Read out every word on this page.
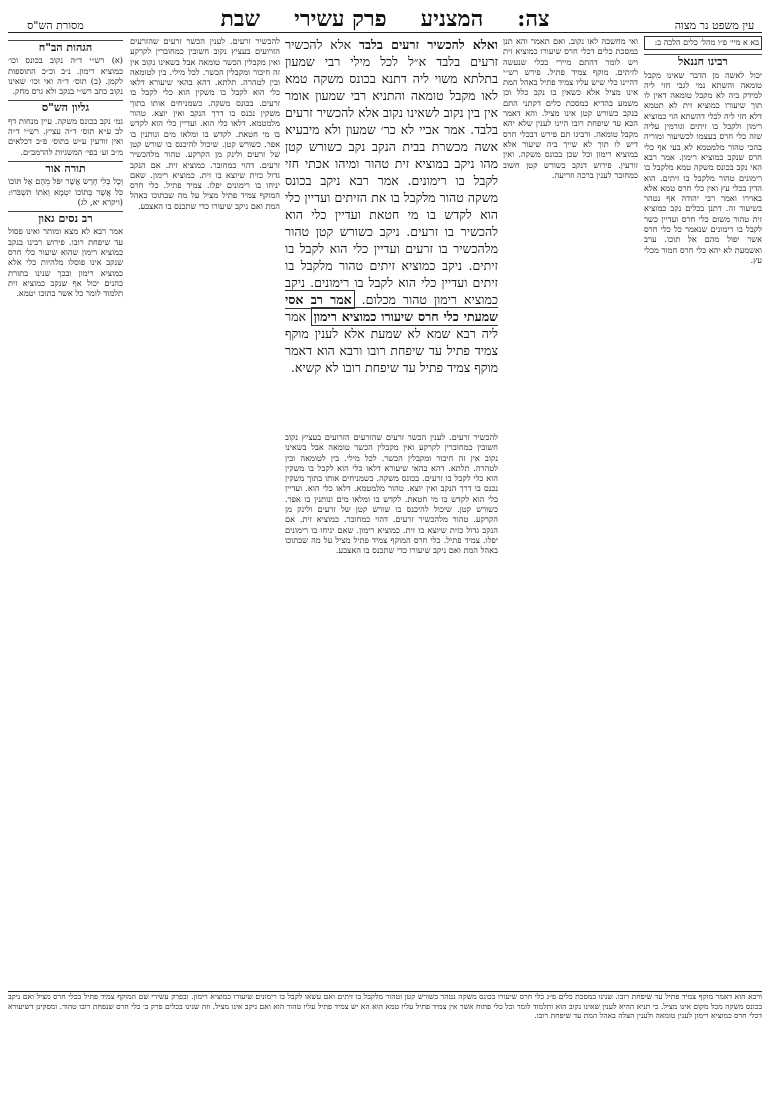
עין משפט נר מצוה
צה:
המצניע
פרק עשירי
שבת
מסורת הש"ס
בא א מיי׳ פ״ו מהל׳ כלים הלכה ב:
רבינו חננאל
יכול לאשה מן הדבר שאינו מקבל טומאה והשתא נמי לגבי חזי ליה למידק ביה לא מקבל טומאה דאין לו תוך שיעורו כמוציא זית לא תטמא דלא חזי ליה לכלי דהשתא הוי כמוציא רימון ולקבל בו זיתים וגורמין עליה שזה כלי חרס בעצמו לכשיעור ומוריה בהכי טהור מלמטמא לא בעי אף כלי חרס שנקב כמוציא רימון. אמר רבא האי נקב בכונס משקה טמא מלקבל בו רימונים טהור מלקבל בו זיתים. הוא הדין בכלי עץ ואין כלי חרס טמא אלא באוירו ואמר רבי יהודה אף נטהר בשיעור זה. דתנן בכלים נקב כמוציא זית טהור משום כלי חרס ועדיין כשר לקבל בו רימונים שנאמר כל כלי חרס אשר יפול מהם אל תוכו. ערב ואשמעת לא יהא כלי חרס חמור מכלי עץ.
הגהות הב"ח
(א) רש״י ד״ה נקוב בכונס וכו׳ כמוציא רימון. נ״ב וכ״כ התוספות לקמן. (ב) תוס׳ ד״ה ואי וכו׳ שאינו נקוב כתב רש״י בנקב ולא גרס מחק.
גליון הש"ס
גמ׳ נקב בכונס משקה. עיין מנחות דף לב ע״א תוס׳ ד״ה עציץ. רש״י ד״ה ואין זורעין ע״ש בתוס׳ פ״ב דכלאים מ״ב וע׳ בפי׳ המשניות להרמב״ם.
תורה אור
וְכָל כְּלִי חֶרֶשׂ אֲשֶׁר יִפֹּל מֵהֶם אֶל תּוֹכוֹ כֹּל אֲשֶׁר בְּתוֹכוֹ יִטְמָא וְאֹתוֹ תִשְׁבֹּרוּ: (ויקרא יא, לג)
רב נסים גאון
אמר רבא לא מצא ומותר ואינו פסול עד שיפחת רובו. פירוש רבינו בנקב כמוציא רימון שהוא שיעור כלי חרס שנקב אינו פוסלו מלהיות כלי אלא כמוציא רימון ובכך שנינו בתורת כהנים יכול אף שנקב כמוציא זית תלמוד לומר כל אשר בתוכו יטמא.
ואי מחשבה לאו נקוב. ואם תאמר והא תנן במסכת כלים דכלי חרס שיעורו כמוציא זית ויש לומר דהתם מיירי בכלי שנעשה לזיתים. מוקף צמיד פתיל. פירש רש״י דהיינו כלי שיש עליו צמיד פתיל באהל המת אינו מציל אלא כשאין בו נקב כלל וכן משמע בהדיא במסכת כלים דקתני התם בנקב כשורש קטן אינו מציל. והא דאמר הכא עד שיפחת רובו היינו לענין שלא יהא מקבל טומאה. ורבינו תם פירש דבכלי חרס דיש לו תוך לא שייך ביה שיעור אלא במוציא רימון וכל שכן בכונס משקה. ואין זורעין. פירוש דנקב כשורש קטן חשוב כמחובר לענין ברכה וזריעה.
ואלא להכשיר זרעים בלבד אלא להכשיר זרעים בלבד א״ל לכל מילי רבי שמעון בתלתא משוי ליה דתנא בכונס משקה טמא לאו מקבל טומאה והתניא רבי שמעון אומר אין בין נקוב לשאינו נקוב אלא להכשיר זרעים בלבד. אמר אביי לא כר׳ שמעון ולא מיבעיא אשה מכשרת בבית הנקב נקב כשורש קטן מהו ניקב במוציא זית טהור ומיהו אכתי חזי לקבל בו רימונים. אמר רבא ניקב בכונס משקה טהור מלקבל בו את הזיתים ועדיין כלי הוא לקדש בו מי חטאת ועדיין כלי הוא להכשיר בו זרעים. ניקב כשורש קטן טהור מלהכשיר בו זרעים ועדיין כלי הוא לקבל בו זיתים. ניקב כמוציא זיתים טהור מלקבל בו זיתים ועדיין כלי הוא לקבל בו רימונים. ניקב כמוציא רימון טהור מכלום. אמר רב אסי שמעתי כלי חרס שיעורו כמוציא רימון אמר ליה רבא שמא לא שמעת אלא לענין מוקף צמיד פתיל עד שיפחת רובו ורבא הוא דאמר מוקף צמיד פתיל עד שיפחת רובו לא קשיא.
להכשיר זרעים. לענין הכשר זרעים שהזרעים הזרועים בעציץ נקוב חשובין כמחוברין לקרקע ואין מקבלין הכשר טומאה אבל בשאינו נקוב אין זה חיבור ומקבלין הכשר. לכל מילי. בין לטומאה ובין לטהרה. תלתא. דהא בהאי שיעורא דלאו כלי הוא לקבל בו משקין הוא כלי לקבל בו זרעים. בכונס משקה. כשמניחים אותו בתוך משקין נכנס בו דרך הנקב ואין יוצא. טהור מלמטמא. דלאו כלי הוא. ועדיין כלי הוא לקדש בו מי חטאת. לקדש בו ומלאו מים ונותנין בו אפר. כשורש קטן. שיכול להיכנס בו שורש קטן של זרעים ולינק מן הקרקע. טהור מלהכשיר זרעים. דהוי כמחובר. כמוציא זית. אם הנקב גדול כזית שיוצא בו זית. כמוציא רימון. שאם יניחו בו רימונים יפלו. צמיד פתיל. כלי חרס המוקף צמיד פתיל מציל על מה שבתוכו באהל המת ואם ניקב שיעורו כדי שתכנס בו האצבע.
להכשיר זרעים. לענין הכשר זרעים שהזרעים הזרועים בעציץ נקוב חשובין כמחוברין לקרקע ואין מקבלין הכשר טומאה אבל בשאינו נקוב אין זה חיבור ומקבלין הכשר. לכל מילי. בין לטומאה ובין לטהרה. תלתא. דהא בהאי שיעורא דלאו כלי הוא לקבל בו משקין הוא כלי לקבל בו זרעים. בכונס משקה. כשמניחים אותו בתוך משקין נכנס בו דרך הנקב ואין יוצא. טהור מלמטמא. דלאו כלי הוא. ועדיין כלי הוא לקדש בו מי חטאת. לקדש בו ומלאו מים ונותנין בו אפר. כשורש קטן. שיכול להיכנס בו שורש קטן של זרעים ולינק מן הקרקע. טהור מלהכשיר זרעים. דהוי כמחובר. כמוציא זית. אם הנקב גדול כזית שיוצא בו זית. כמוציא רימון. שאם יניחו בו רימונים יפלו. צמיד פתיל. כלי חרס המוקף צמיד פתיל מציל על מה שבתוכו באהל המת ואם ניקב שיעורו כדי שתכנס בו האצבע.
ורבא הוא דאמר מוקף צמיד פתיל עד שיפחת רובו. שנינו במסכת כלים פ״ג כלי חרס שיעורו בכונס משקה נטהר בשורש קטן וטהור מלקבל בו זיתים ואם עשאו לקבל בו רימונים שיעורו כמוציא רימון. ובפרק עשירי שם המוקף צמיד פתיל בכלי חרס מציל ואם ניקב בכונס משקה מכל מקום אינו מציל. כי תניא ההיא לענין שאינו נקוב הוא ותלמוד לומר וכל כלי פתוח אשר אין צמיד פתיל עליו טמא הוא הא יש צמיד פתיל עליו טהור הוא ואם ניקב אינו מציל. וזה שנינו בכלים פרק ב׳ כלי חרס שנפחת רובו טהור. ומסקינן דשיעורא דכלי חרס כמוציא רימון לענין טומאה ולענין הצלה באהל המת עד שיפחת רובו.
